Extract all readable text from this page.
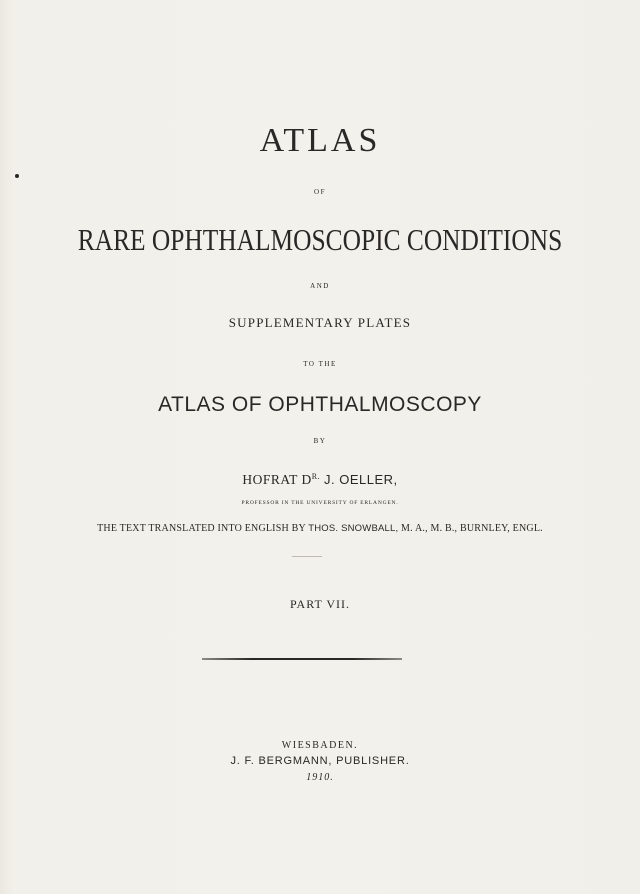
ATLAS
OF
RARE OPHTHALMOSCOPIC CONDITIONS
AND
SUPPLEMENTARY PLATES
TO THE
ATLAS OF OPHTHALMOSCOPY
BY
HOFRAT $D^{R.}$ J. OELLER,
PROFESSOR IN THE UNIVERSITY OF ERLANGEN.
THE TEXT TRANSLATED INTO ENGLISH BY THOS. SNOWBALL, M. A., M. B., BURNLEY, ENGL.
PART VII.
WIESBADEN.
J. F. BERGMANN, PUBLISHER.
1910.
